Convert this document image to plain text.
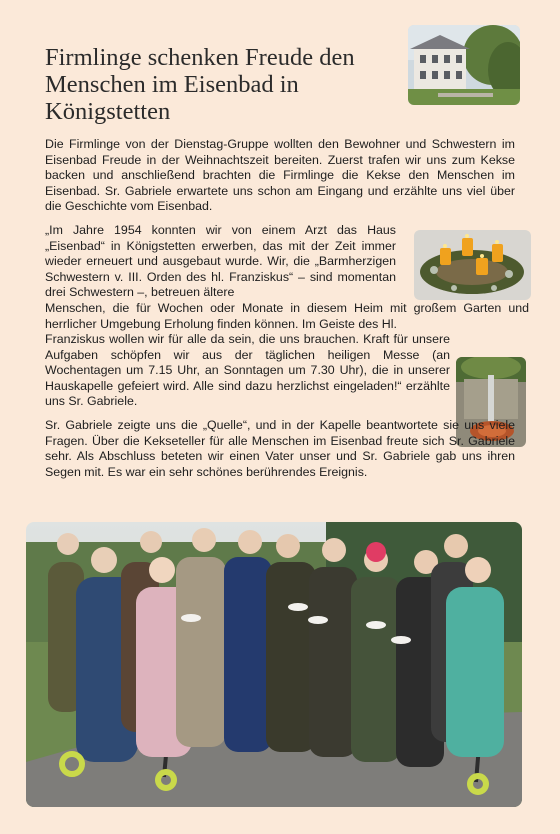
Firmlinge schenken Freude den
Menschen im Eisenbad in
Königstetten

Die Firmlinge von der Dienstag-Gruppe wollten den Bewohner und Schwestern im Eisenbad Freude in der Weihnachtszeit bereiten. Zuerst trafen wir uns zum Kekse backen und anschließend brachten die Firmlinge die Kekse den Menschen im Eisenbad. Sr. Gabriele erwartete uns schon am Eingang und erzählte uns viel über die Geschichte vom Eisenbad.

„Im Jahre 1954 konnten wir von einem Arzt das Haus „Eisenbad“ in Königstetten erwerben, das mit der Zeit immer wieder erneuert und ausgebaut wurde. Wir, die „Barmherzigen Schwestern v. III. Orden des hl. Franziskus“ – sind momentan drei Schwestern –, betreuen ältere

Menschen, die für Wochen oder Monate in diesem Heim mit großem Garten und herrlicher Umgebung Erholung finden können. Im Geiste des Hl.

Franziskus wollen wir für alle da sein, die uns brauchen. Kraft für unsere Aufgaben schöpfen wir aus der täglichen heiligen Messe (an Wochentagen um 7.15 Uhr, an Sonntagen um 7.30 Uhr), die in unserer Hauskapelle gefeiert wird. Alle sind dazu herzlichst eingeladen!“ erzählte uns Sr. Gabriele.

Sr. Gabriele zeigte uns die „Quelle“, und in der Kapelle beantwortete sie uns viele Fragen. Über die Kekseteller für alle Menschen im Eisenbad freute sich Sr. Gabriele sehr. Als Abschluss beteten wir einen Vater unser und Sr. Gabriele gab uns ihren Segen mit. Es war ein sehr schönes berührendes Ereignis.
